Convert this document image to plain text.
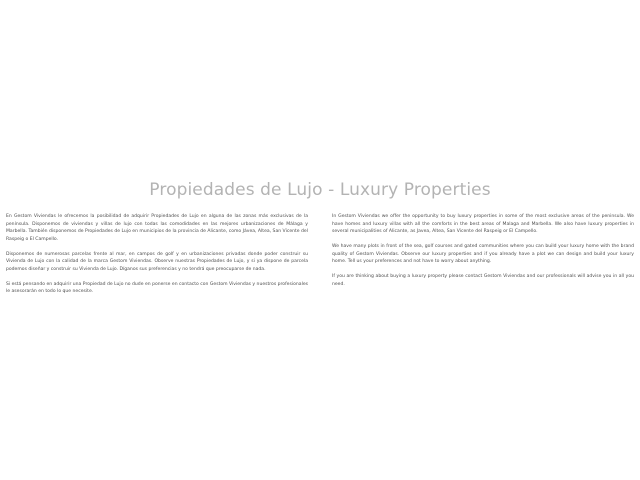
Propiedades de Lujo - Luxury Properties

En Gestom Viviendas le ofrecemos la posibilidad de adquirir Propiedades de Lujo en alguna de las zonas más exclusivas de la península. Disponemos de viviendas y villas de lujo con todas las comodidades en las mejores urbanizaciones de Málaga y Marbella. También disponemos de Propiedades de Lujo en municipios de la provincia de Alicante, como Jávea, Altea, San Vicente del Raspeig o El Campello.

Disponemos de numerosas parcelas frente al mar, en campos de golf y en urbanizaciones privadas donde poder construir su Vivienda de Lujo con la calidad de la marca Gestom Viviendas. Observe nuestras Propiedades de Lujo, y si ya dispone de parcela podemos diseñar y construir su Vivienda de Lujo. Díganos sus preferencias y no tendrá que preocuparse de nada.

Si está pensando en adquirir una Propiedad de Lujo no dude en ponerse en contacto con Gestom Viviendas y nuestros profesionales le asesorarán en todo lo que necesite.

In Gestom Viviendas we offer the opportunity to buy luxury properties in some of the most exclusive areas of the peninsula. We have homes and luxury villas with all the comforts in the best areas of Malaga and Marbella. We also have luxury properties in several municipalities of Alicante, as Javea, Altea, San Vicente del Raspeig or El Campello.

We have many plots in front of the sea, golf courses and gated communities where you can build your luxury home with the brand quality of Gestom Viviendas. Observe our luxury properties and if you already have a plot we can design and build your luxury home. Tell us your preferences and not have to worry about anything.

If you are thinking about buying a luxury property please contact Gestom Viviendas and our professionals will advise you in all you need.
